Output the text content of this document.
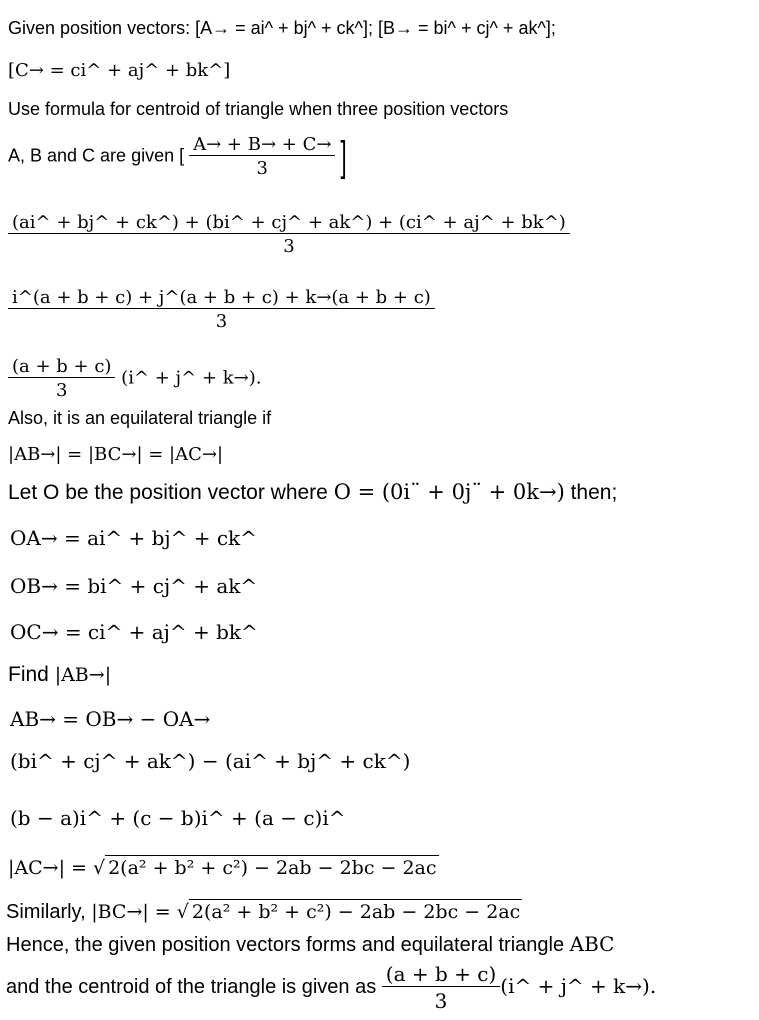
Given position vectors: [A→ = ai^ + bj^ + ck^]; [B→ = bi^ + cj^ + ak^];
[C→ = ci^ + aj^ + bk^]
Use formula for centroid of triangle when three position vectors
A, B and C are given [ $\frac{A\to + B\to + C\to}{3}$ ]
$\frac{(ai\^{} + bj\^{} + ck\^{}) + (bi\^{} + cj\^{} + ak\^{}) + (ci\^{} + aj\^{} + bk\^{})}{3}$
$\frac{i\^{}(a + b + c) + j\^{}(a + b + c) + k\to(a + b + c)}{3}$
$\frac{(a + b + c)}{3}$ (i^ + j^ + k→).
Also, it is an equilateral triangle if
|AB→| = |BC→| = |AC→|
Let O be the position vector where O = (0i¨ + 0j¨ + 0k→) then;
OA→ = ai^ + bj^ + ck^
OB→ = bi^ + cj^ + ak^
OC→ = ci^ + aj^ + bk^
Find |AB→|
AB→ = OB→ − OA→
(bi^ + cj^ + ak^) − (ai^ + bj^ + ck^)
(b − a)i^ + (c − b)i^ + (a − c)i^
|AC→| = √ 2(a² + b² + c²) − 2ab − 2bc − 2ac
Similarly, |BC→| = √ 2(a² + b² + c²) − 2ab − 2bc − 2ac
Hence, the given position vectors forms and equilateral triangle ABC
and the centroid of the triangle is given as $\frac{(a + b + c)}{3}$ (i^ + j^ + k→).
